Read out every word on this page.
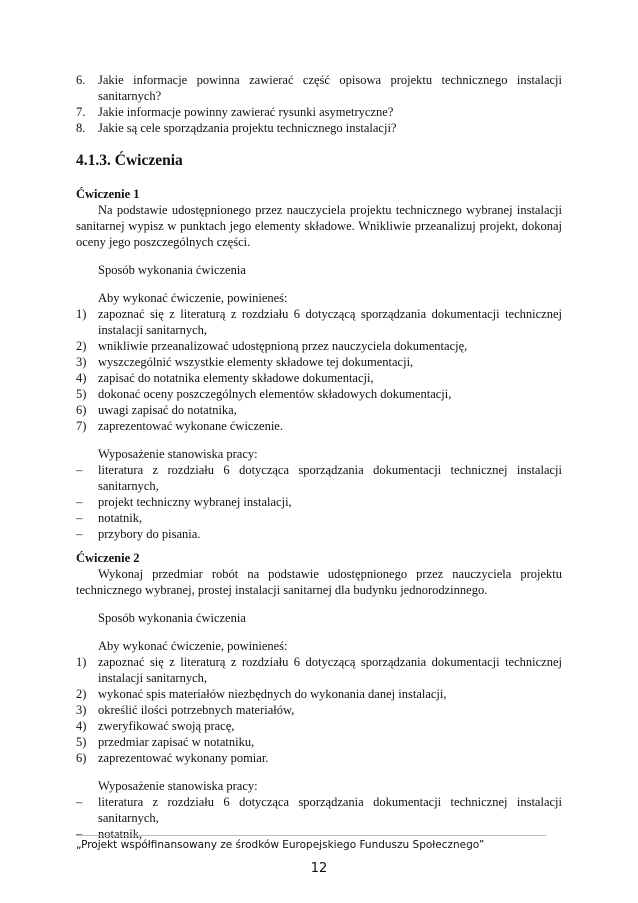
6.	Jakie informacje powinna zawierać część opisowa projektu technicznego instalacji sanitarnych?
7.	Jakie informacje powinny zawierać rysunki asymetryczne?
8.	Jakie są cele sporządzania projektu technicznego instalacji?
4.1.3. Ćwiczenia
Ćwiczenie 1
Na podstawie udostępnionego przez nauczyciela projektu technicznego wybranej instalacji sanitarnej wypisz w punktach jego elementy składowe. Wnikliwie przeanalizuj projekt, dokonaj oceny jego poszczególnych części.
Sposób wykonania ćwiczenia
Aby wykonać ćwiczenie, powinieneś:
1) zapoznać się z literaturą z rozdziału 6 dotyczącą sporządzania dokumentacji technicznej instalacji sanitarnych,
2) wnikliwie przeanalizować udostępnioną przez nauczyciela dokumentację,
3) wyszczególnić wszystkie elementy składowe tej dokumentacji,
4) zapisać do notatnika elementy składowe dokumentacji,
5) dokonać oceny poszczególnych elementów składowych dokumentacji,
6) uwagi zapisać do notatnika,
7) zaprezentować wykonane ćwiczenie.
Wyposażenie stanowiska pracy:
–	literatura z rozdziału 6 dotycząca sporządzania dokumentacji technicznej instalacji sanitarnych,
–	projekt techniczny wybranej instalacji,
–	notatnik,
–	przybory do pisania.
Ćwiczenie 2
Wykonaj przedmiar robót na podstawie udostępnionego przez nauczyciela projektu technicznego wybranej, prostej instalacji sanitarnej dla budynku jednorodzinnego.
Sposób wykonania ćwiczenia
Aby wykonać ćwiczenie, powinieneś:
1) zapoznać się z literaturą z rozdziału 6 dotyczącą sporządzania dokumentacji technicznej instalacji sanitarnych,
2) wykonać spis materiałów niezbędnych do wykonania danej instalacji,
3) określić ilości potrzebnych materiałów,
4) zweryfikować swoją pracę,
5) przedmiar zapisać w notatniku,
6) zaprezentować wykonany pomiar.
Wyposażenie stanowiska pracy:
–	literatura z rozdziału 6 dotycząca sporządzania dokumentacji technicznej instalacji sanitarnych,
–	notatnik,
„Projekt współfinansowany ze środków Europejskiego Funduszu Społecznego”
12
